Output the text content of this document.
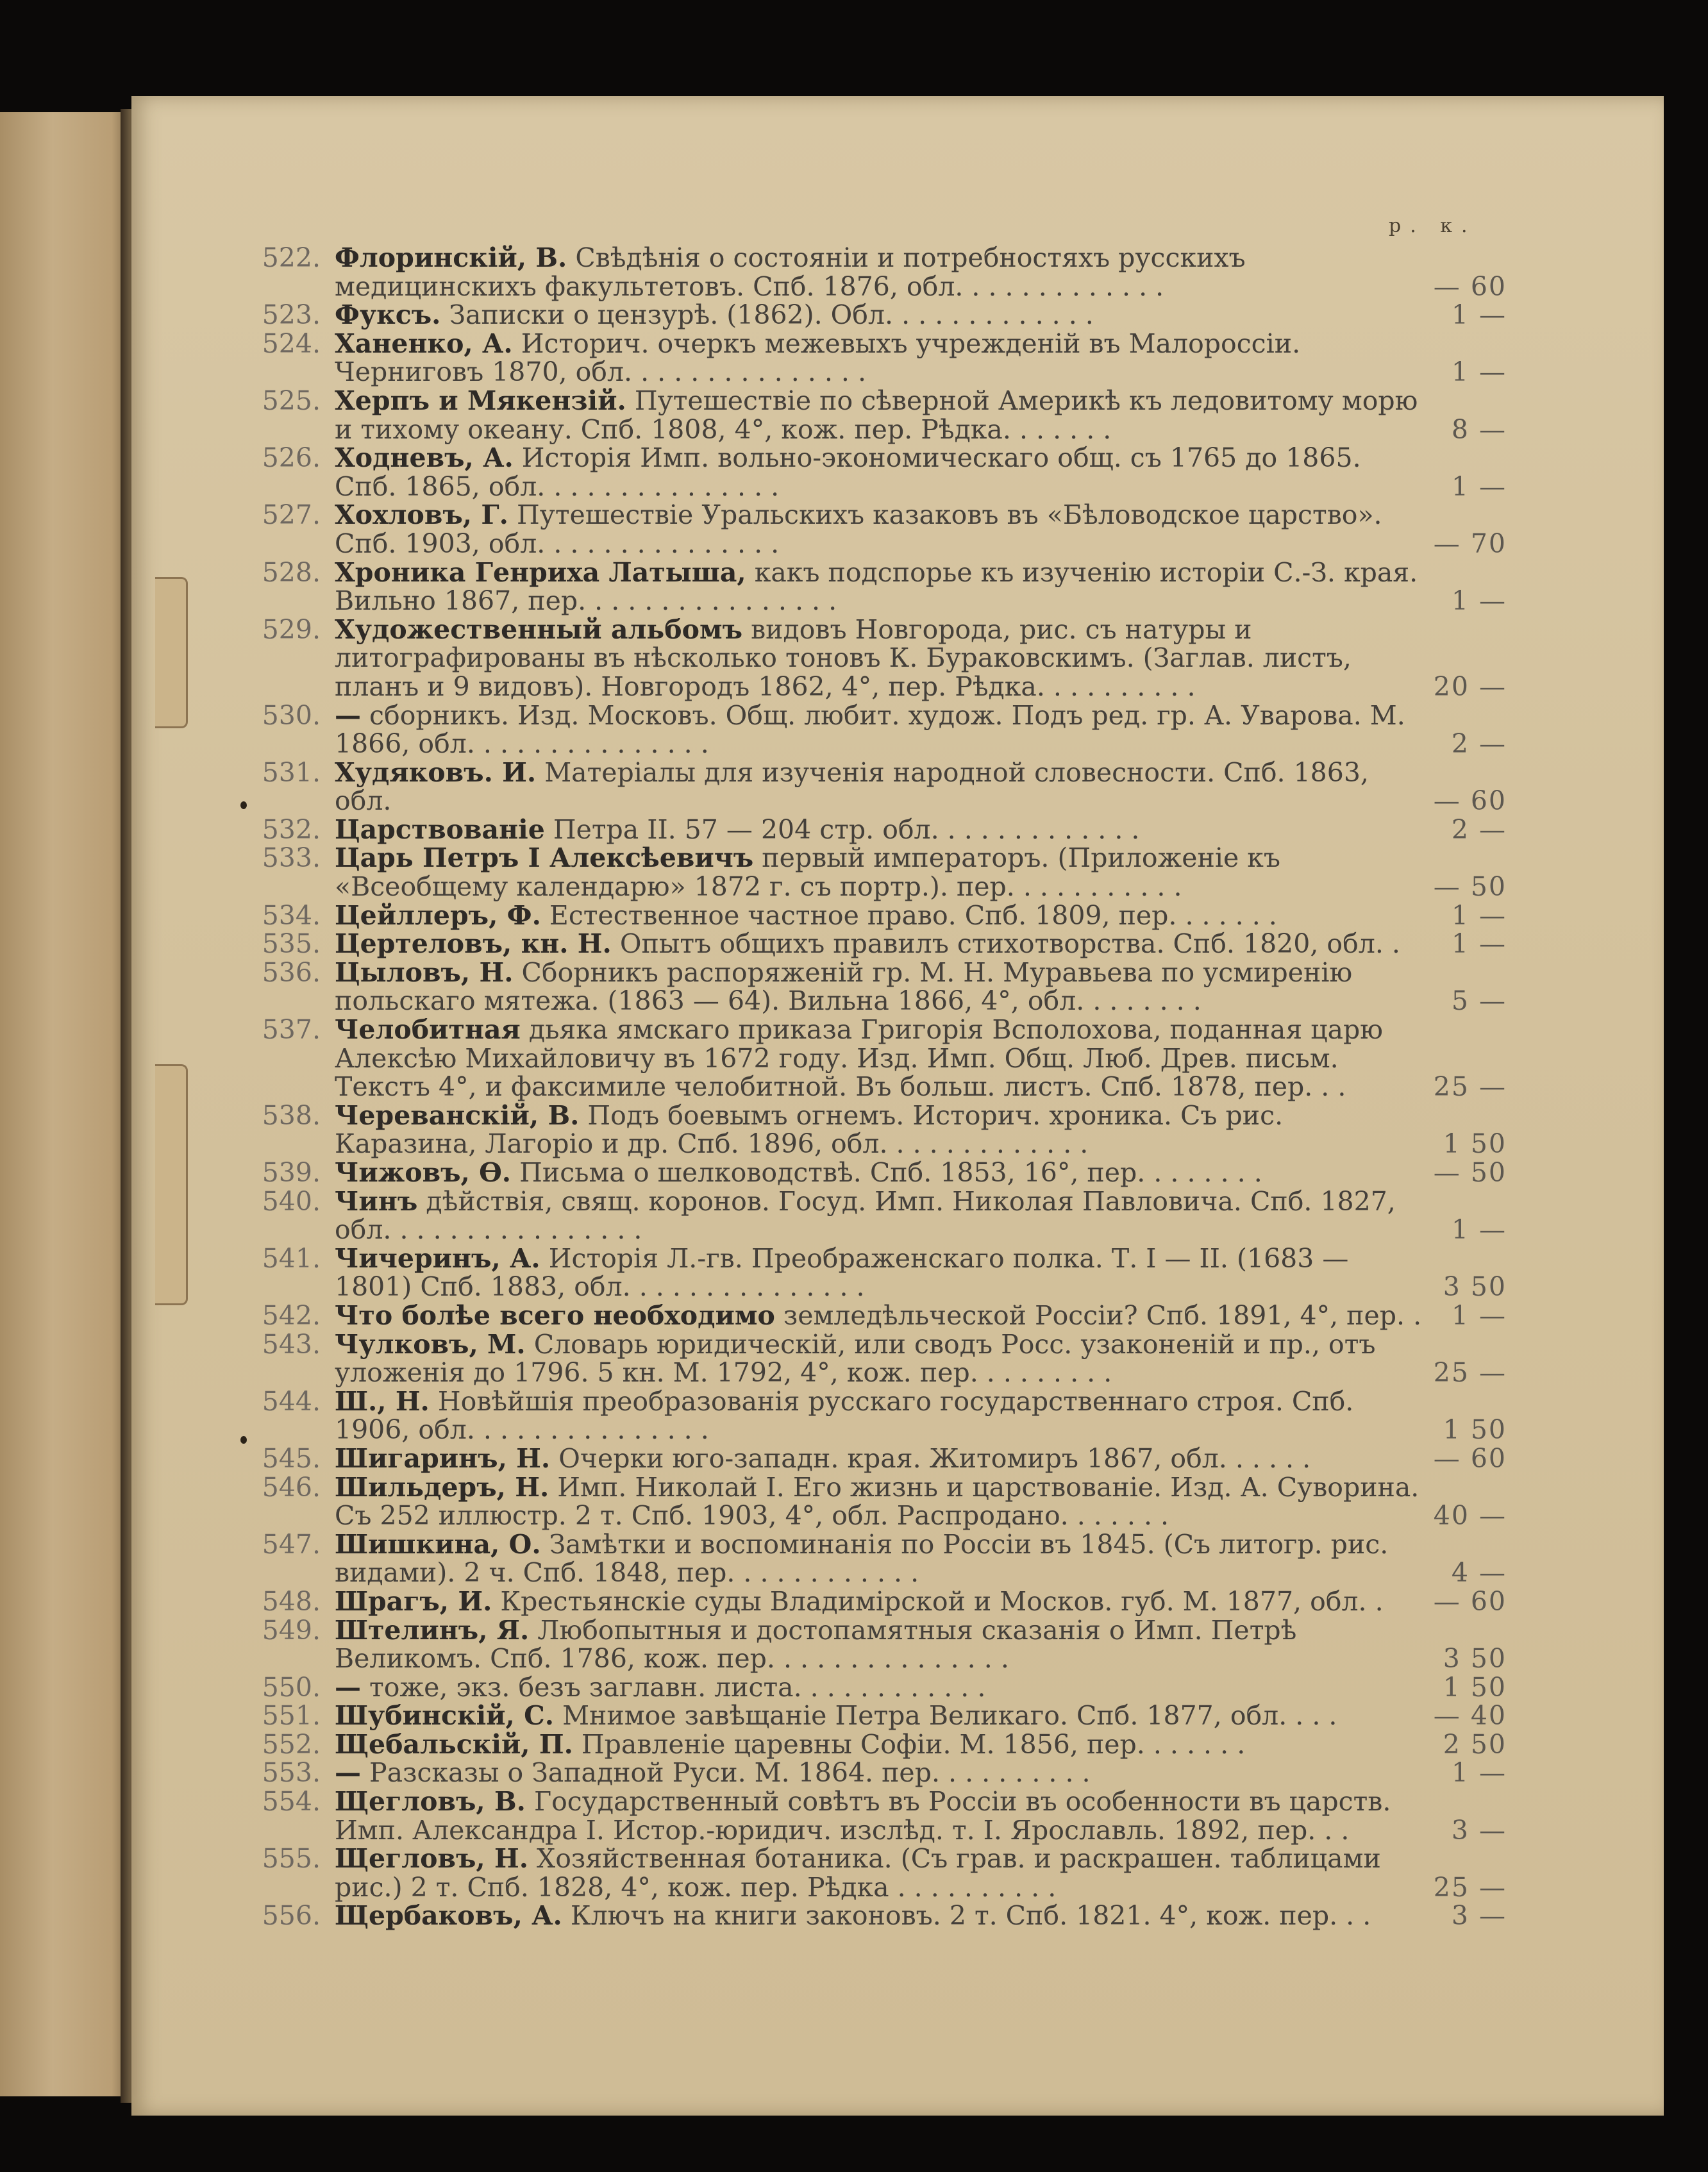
р. к.
522. Флоринскій, В. Свѣдѣнія о состояніи и потребностяхъ русскихъ медицинскихъ факультетовъ. Спб. 1876, обл. . . . . . . . . . . . .	— 60
523. Фуксъ. Записки о цензурѣ. (1862). Обл. . . . . . . . . . . . .	1 —
524. Ханенко, А. Историч. очеркъ межевыхъ учрежденій въ Малороссіи. Черниговъ 1870, обл. . . . . . . . . . . . . . .	1 —
525. Херпъ и Мякензій. Путешествіе по сѣверной Америкѣ къ ледовитому морю и тихому океану. Спб. 1808, 4°, кож. пер. Рѣдка. . . . . . .	8 —
526. Ходневъ, А. Исторія Имп. вольно-экономическаго общ. съ 1765 до 1865. Спб. 1865, обл. . . . . . . . . . . . . . .	1 —
527. Хохловъ, Г. Путешествіе Уральскихъ казаковъ въ «Бѣловодское царство». Спб. 1903, обл. . . . . . . . . . . . . . .	— 70
528. Хроника Генриха Латыша, какъ подспорье къ изученію исторіи С.-З. края. Вильно 1867, пер. . . . . . . . . . . . . . . .	1 —
529. Художественный альбомъ видовъ Новгорода, рис. съ натуры и литографированы въ нѣсколько тоновъ К. Бураковскимъ. (Заглав. листъ, планъ и 9 видовъ). Новгородъ 1862, 4°, пер. Рѣдка. . . . . . . . . .	20 —
530. — сборникъ. Изд. Московъ. Общ. любит. худож. Подъ ред. гр. А. Уварова. М. 1866, обл. . . . . . . . . . . . . . .	2 —
531. Худяковъ. И. Матеріалы для изученія народной словесности. Спб. 1863, обл.	— 60
532. Царствованіе Петра II. 57 — 204 стр. обл. . . . . . . . . . . . .	2 —
533. Царь Петръ I Алексѣевичъ первый императоръ. (Приложеніе къ «Всеобщему календарю» 1872 г. съ портр.). пер. . . . . . . . . . .	— 50
534. Цейллеръ, Ф. Естественное частное право. Спб. 1809, пер. . . . . . .	1 —
535. Цертеловъ, кн. Н. Опытъ общихъ правилъ стихотворства. Спб. 1820, обл. .	1 —
536. Цыловъ, Н. Сборникъ распоряженій гр. М. Н. Муравьева по усмиренію польскаго мятежа. (1863 — 64). Вильна 1866, 4°, обл. . . . . . . .	5 —
537. Челобитная дьяка ямскаго приказа Григорія Всполохова, поданная царю Алексѣю Михайловичу въ 1672 году. Изд. Имп. Общ. Люб. Древ. письм. Текстъ 4°, и факсимиле челобитной. Въ больш. листъ. Спб. 1878, пер. . .	25 —
538. Черевaнскій, В. Подъ боевымъ огнемъ. Историч. хроника. Съ рис. Каразина, Лагоріо и др. Спб. 1896, обл. . . . . . . . . . . . .	1 50
539. Чижовъ, Ѳ. Письма о шелководствѣ. Спб. 1853, 16°, пер. . . . . . . .	— 50
540. Чинъ дѣйствія, свящ. коронов. Госуд. Имп. Николая Павловича. Спб. 1827, обл. . . . . . . . . . . . . . . .	1 —
541. Чичеринъ, А. Исторія Л.-гв. Преображенскаго полка. Т. I — II. (1683 — 1801) Спб. 1883, обл. . . . . . . . . . . . . . .	3 50
542. Что болѣе всего необходимо земледѣльческой Россіи? Спб. 1891, 4°, пер. .	1 —
543. Чулковъ, М. Словарь юридическій, или сводъ Росс. узаконеній и пр., отъ уложенія до 1796. 5 кн. М. 1792, 4°, кож. пер. . . . . . . . .	25 —
544. Ш., Н. Новѣйшія преобразованія русскаго государственнаго строя. Спб. 1906, обл. . . . . . . . . . . . . . .	1 50
545. Шигаринъ, Н. Очерки юго-западн. края. Житомиръ 1867, обл. . . . . .	— 60
546. Шильдеръ, Н. Имп. Николай I. Его жизнь и царствованіе. Изд. А. Суворина. Съ 252 иллюстр. 2 т. Спб. 1903, 4°, обл. Распродано. . . . . . .	40 —
547. Шишкина, О. Замѣтки и воспоминанія по Россіи въ 1845. (Съ литогр. рис. видами). 2 ч. Спб. 1848, пер. . . . . . . . . . . .	4 —
548. Шрагъ, И. Крестьянскіе суды Владимірской и Москов. губ. М. 1877, обл. .	— 60
549. Штелинъ, Я. Любопытныя и достопамятныя сказанія о Имп. Петрѣ Великомъ. Спб. 1786, кож. пер. . . . . . . . . . . . . . .	3 50
550. — тоже, экз. безъ заглавн. листа. . . . . . . . . . . .	1 50
551. Шубинскій, С. Мнимое завѣщаніе Петра Великаго. Спб. 1877, обл. . . .	— 40
552. Щебальскій, П. Правленіе царевны Софіи. М. 1856, пер. . . . . . .	2 50
553. — Разсказы о Западной Руси. М. 1864. пер. . . . . . . . . .	1 —
554. Щегловъ, В. Государственный совѣтъ въ Россіи въ особенности въ царств. Имп. Александра I. Истор.-юридич. изслѣд. т. I. Ярославль. 1892, пер. . .	3 —
555. Щегловъ, Н. Хозяйственная ботаника. (Съ грав. и раскрашен. таблицами рис.) 2 т. Спб. 1828, 4°, кож. пер. Рѣдка . . . . . . . . . .	25 —
556. Щербаковъ, А. Ключъ на книги законовъ. 2 т. Спб. 1821. 4°, кож. пер. . .	3 —
